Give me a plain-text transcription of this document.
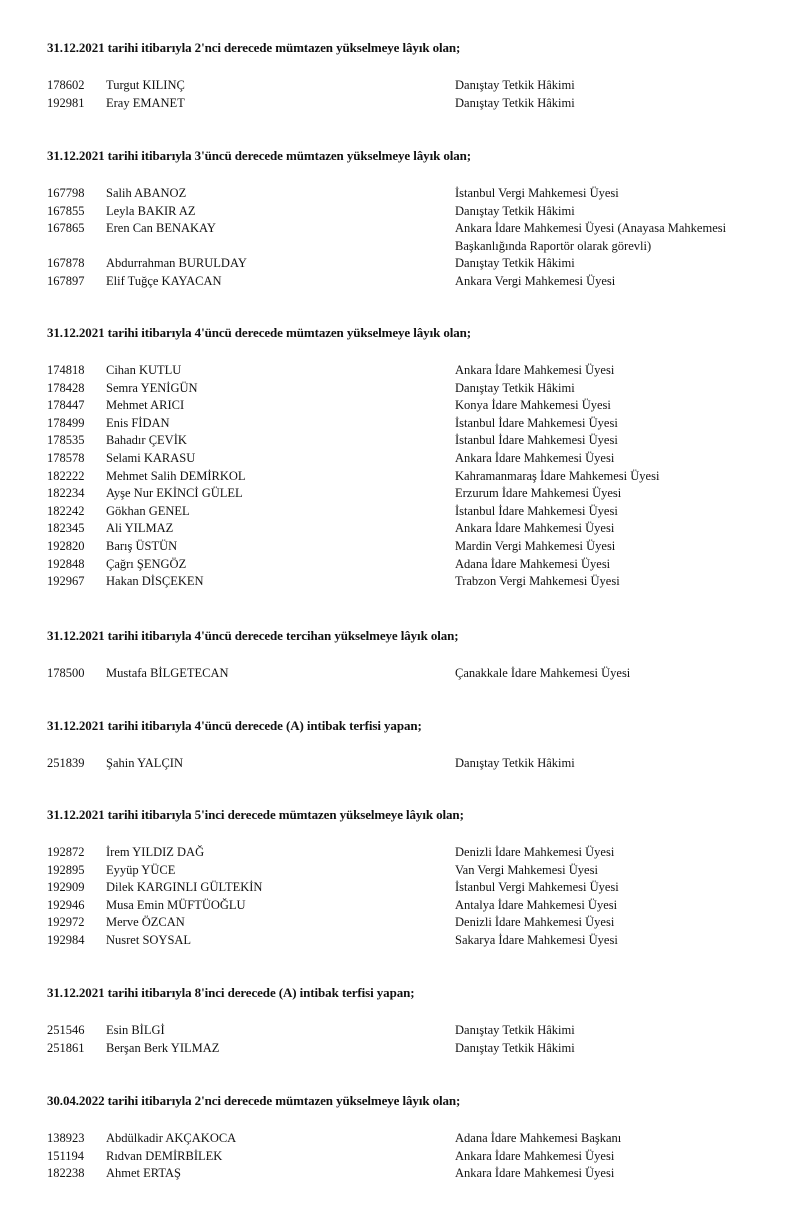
31.12.2021 tarihi itibarıyla 2'nci derecede mümtazen yükselmeye lâyık olan;
178602 Turgut KILINÇ	Danıştay Tetkik Hâkimi
192981 Eray EMANET	Danıştay Tetkik Hâkimi
31.12.2021 tarihi itibarıyla 3'üncü derecede mümtazen yükselmeye lâyık olan;
167798 Salih ABANOZ	İstanbul Vergi Mahkemesi Üyesi
167855 Leyla BAKIR AZ	Danıştay Tetkik Hâkimi
167865 Eren Can BENAKAY	Ankara İdare Mahkemesi Üyesi (Anayasa Mahkemesi Başkanlığında Raportör olarak görevli)
167878 Abdurrahman BURULDAY	Danıştay Tetkik Hâkimi
167897 Elif Tuğçe KAYACAN	Ankara Vergi Mahkemesi Üyesi
31.12.2021 tarihi itibarıyla 4'üncü derecede mümtazen yükselmeye lâyık olan;
174818 Cihan KUTLU	Ankara İdare Mahkemesi Üyesi
178428 Semra YENİGÜN	Danıştay Tetkik Hâkimi
178447 Mehmet ARICI	Konya İdare Mahkemesi Üyesi
178499 Enis FİDAN	İstanbul İdare Mahkemesi Üyesi
178535 Bahadır ÇEVİK	İstanbul İdare Mahkemesi Üyesi
178578 Selami KARASU	Ankara İdare Mahkemesi Üyesi
182222 Mehmet Salih DEMİRKOL	Kahramanmaraş İdare Mahkemesi Üyesi
182234 Ayşe Nur EKİNCİ GÜLEL	Erzurum İdare Mahkemesi Üyesi
182242 Gökhan GENEL	İstanbul İdare Mahkemesi Üyesi
182345 Ali YILMAZ	Ankara İdare Mahkemesi Üyesi
192820 Barış ÜSTÜN	Mardin Vergi Mahkemesi Üyesi
192848 Çağrı ŞENGÖZ	Adana İdare Mahkemesi Üyesi
192967 Hakan DİSÇEKEN	Trabzon Vergi Mahkemesi Üyesi
31.12.2021 tarihi itibarıyla 4'üncü derecede tercihan yükselmeye lâyık olan;
178500 Mustafa BİLGETECAN	Çanakkale İdare Mahkemesi Üyesi
31.12.2021 tarihi itibarıyla 4'üncü derecede (A) intibak terfisi yapan;
251839 Şahin YALÇIN	Danıştay Tetkik Hâkimi
31.12.2021 tarihi itibarıyla 5'inci derecede mümtazen yükselmeye lâyık olan;
192872 İrem YILDIZ DAĞ	Denizli İdare Mahkemesi Üyesi
192895 Eyyüp YÜCE	Van Vergi Mahkemesi Üyesi
192909 Dilek KARGINLI GÜLTEKİN	İstanbul Vergi Mahkemesi Üyesi
192946 Musa Emin MÜFTÜOĞLU	Antalya İdare Mahkemesi Üyesi
192972 Merve ÖZCAN	Denizli İdare Mahkemesi Üyesi
192984 Nusret SOYSAL	Sakarya İdare Mahkemesi Üyesi
31.12.2021 tarihi itibarıyla 8'inci derecede (A) intibak terfisi yapan;
251546 Esin BİLGİ	Danıştay Tetkik Hâkimi
251861 Berşan Berk YILMAZ	Danıştay Tetkik Hâkimi
30.04.2022 tarihi itibarıyla 2'nci derecede mümtazen yükselmeye lâyık olan;
138923 Abdülkadir AKÇAKOCA	Adana İdare Mahkemesi Başkanı
151194 Rıdvan DEMİRBİLEK	Ankara İdare Mahkemesi Üyesi
182238 Ahmet ERTAŞ	Ankara İdare Mahkemesi Üyesi
